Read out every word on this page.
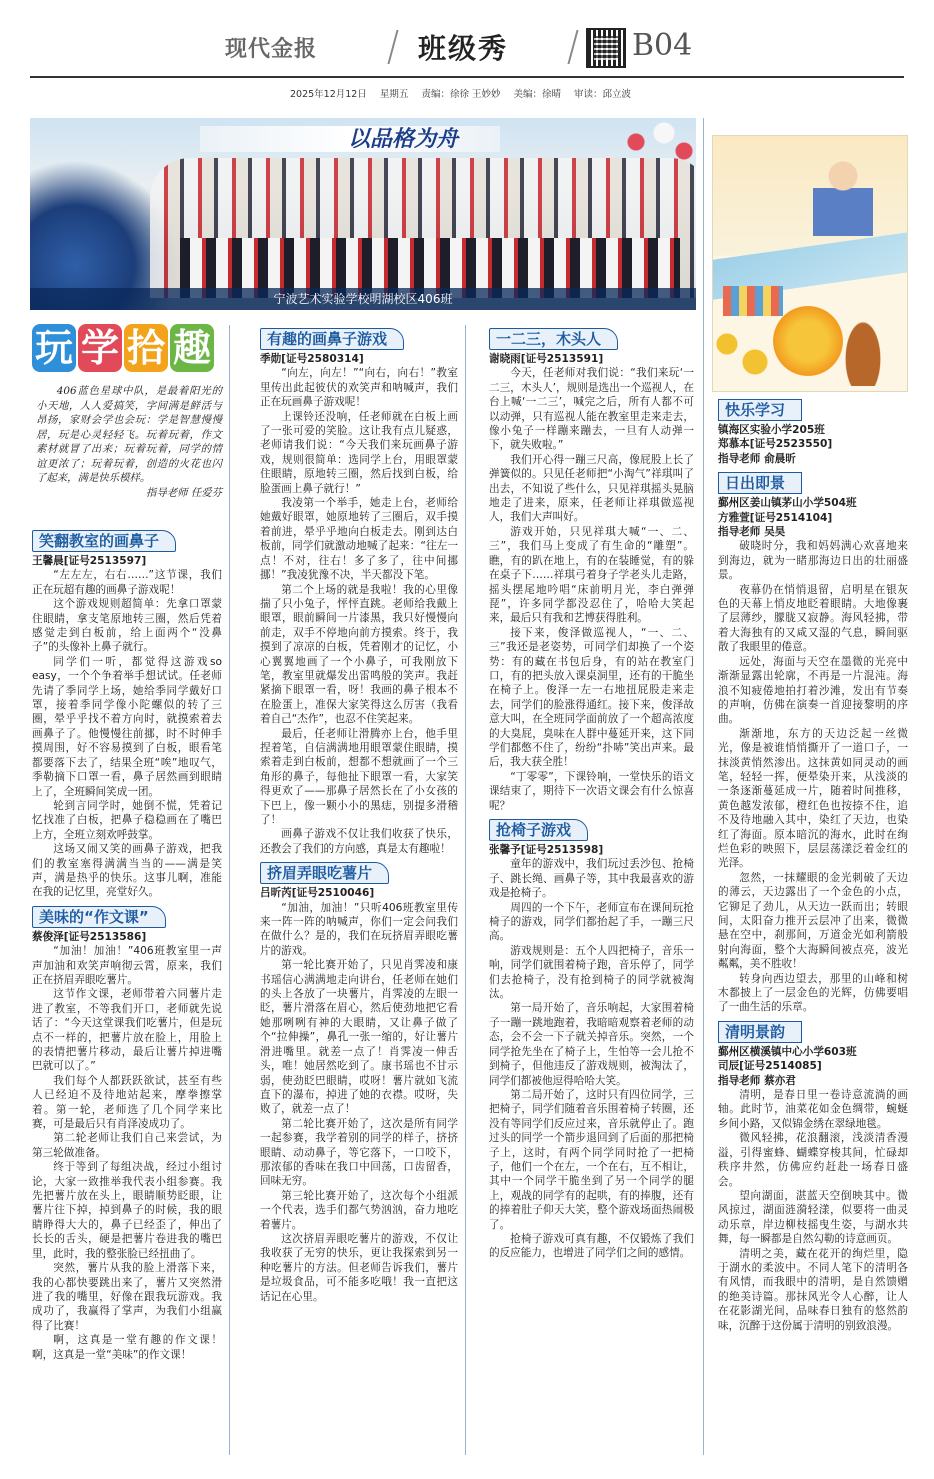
现代金报	班级秀	B04
2025年12月12日 星期五 责编：徐徐 王妙妙 美编：徐晴 审读：邱立波
以品格为舟
宁波艺术实验学校明湖校区406班
玩 学 拾 趣

406蓝色星球中队，是最着阳光的小天地，人人爱搞笑，字间满是鲜活与昂扬，家财会学也会玩：学是智慧慢慢居，玩是心灵轻轻飞。玩着玩着，作文素材就冒了出来；玩着玩着，同学的情谊更浓了；玩着玩着，创造的火花也闪了起来，满是快乐模样。

指导老师 任爱芬
笑翻教室的画鼻子
王馨晨[证号2513597]

“左左左，右右……”这节课，我们正在玩超有趣的画鼻子游戏呢！

这个游戏规则超简单：先拿口罩蒙住眼睛，拿支笔原地转三圈，然后凭着感觉走到白板前，给上面两个“没鼻子”的头像补上鼻子就行。

同学们一听，都觉得这游戏so easy，一个个争着举手想试试。任老师先请了季同学上场，她给季同学戴好口罩，接着季同学像小陀螺似的转了三圈，晕乎乎找不着方向时，就摸索着去画鼻子了。他慢慢往前挪，时不时伸手摸周围，好不容易摸到了白板，眼看笔都要落下去了，结果全班“唉”地叹气，季勒摘下口罩一看，鼻子居然画到眼睛上了，全班瞬间笑成一团。

轮到言同学时，她倒不慌，凭着记忆找准了白板，把鼻子稳稳画在了嘴巴上方，全班立刻欢呼鼓掌。

这场又闹又笑的画鼻子游戏，把我们的教室塞得满满当当的——满是笑声，满是热乎的快乐。这事儿啊，准能在我的记忆里，亮堂好久。

美味的“作文课”
蔡俊泽[证号2513586]

“加油！加油！”406班教室里一声声加油和欢笑声响彻云霄，原来，我们正在挤眉弄眼吃薯片。

这节作文课，老师带着六同薯片走进了教室，不等我们开口，老师就先说话了：“今天这堂课我们吃薯片，但是玩点不一样的，把薯片放在脸上，用脸上的表情把薯片移动，最后让薯片掉进嘴巴就可以了。”

我们每个人都跃跃欲试，甚至有些人已经迫不及待地站起来，摩拳擦掌着。第一轮，老师选了几个同学来比赛，可是最后只有肖泽凌成功了。

第二轮老师让我们自己来尝试，为第三轮做准备。

终于等到了每组决战，经过小组讨论，大家一致推举我代表小组参赛。我先把薯片放在头上，眼睛顺势眨眼，让薯片往下掉，掉到鼻子的时候，我的眼睛睁得大大的，鼻子已经歪了，伸出了长长的舌头，硬是把薯片卷进我的嘴巴里，此时，我的整张脸已经扭曲了。

突然，薯片从我的脸上滑落下来，我的心都快要跳出来了，薯片又突然滑进了我的嘴里，好像在跟我玩游戏。我成功了，我赢得了掌声，为我们小组赢得了比赛！

啊，这真是一堂有趣的作文课！啊，这真是一堂“美味”的作文课！

有趣的画鼻子游戏
季勋[证号2580314]

“向左，向左！”“向右，向右！”教室里传出此起彼伏的欢笑声和呐喊声，我们正在玩画鼻子游戏呢！

上课铃还没响，任老师就在白板上画了一张可爱的笑脸。这让我有点儿疑惑，老师请我们说：“今天我们来玩画鼻子游戏，规则很简单：选同学上台，用眼罩蒙住眼睛，原地转三圈，然后找到白板，给脸蛋画上鼻子就行！”

我凌第一个举手，她走上台，老师给她戴好眼罩，她原地转了三圈后，双手摸着前进，晕乎乎地向白板走去。刚到达白板前，同学们就激动地喊了起来：“往左一点！不对，往右！多了多了，往中间挪挪！”我凌犹豫不决，半天都没下笔。

第二个上场的就是我啦！我的心里像揣了只小兔子，怦怦直跳。老师给我戴上眼罩，眼前瞬间一片漆黑，我只好慢慢向前走，双手不停地向前方摸索。终于，我摸到了凉凉的白板，凭着刚才的记忆，小心翼翼地画了一个小鼻子，可我刚放下笔，教室里就爆发出雷鸣般的笑声。我赶紧摘下眼罩一看，呀！我画的鼻子根本不在脸蛋上，准保大家笑得这么厉害（我看着自己“杰作”，也忍不住笑起来。

最后，任老师让滑腾亦上台，他手里捏着笔，自信满满地用眼罩蒙住眼睛，摸索着走到白板前，想都不想就画了一个三角形的鼻子，每他扯下眼罩一看，大家笑得更欢了——那鼻子居然长在了小女孩的下巴上，像一颗小小的黑痣，别提多滑稽了！

画鼻子游戏不仅让我们收获了快乐，还教会了我们的方向感，真是太有趣啦！

挤眉弄眼吃薯片
吕昕芮[证号2510046]

“加油，加油！”只听406班教室里传来一阵一阵的呐喊声，你们一定会问我们在做什么？是的，我们在玩挤眉弄眼吃薯片的游戏。

第一轮比赛开始了，只见肖霁凌和康书瑶信心满满地走向讲台，任老师在她们的头上各放了一块薯片，肖霁凌的左眼一眨，薯片滑落在眉心，然后使劲地把它看她那咧咧有神的大眼睛，又让鼻子做了个“拉伸操”，鼻孔一张一缩的，好让薯片滑进嘴里。就差一点了！肖霁凌一伸舌头，唯！她居然吃到了。康书瑶也不甘示弱，使劲眨巴眼睛，哎呀！薯片就如飞流直下的瀑布，掉进了她的衣襟。哎呀，失败了，就差一点了！

第二轮比赛开始了，这次是所有同学一起参赛，我学着别的同学的样子，挤挤眼睛、动动鼻子，等它落下，一口咬下，那浓郁的香味在我口中回荡，口齿留香，回味无穷。

第三轮比赛开始了，这次每个小组派一个代表，选手们都气势汹汹，奋力地吃着薯片。

这次挤眉弄眼吃薯片的游戏，不仅让我收获了无穷的快乐，更让我探索到另一种吃薯片的方法。但老师告诉我们，薯片是垃圾食品，可不能多吃哦！我一直把这话记在心里。

一二三，木头人
谢晓雨[证号2513591]

今天，任老师对我们说：“我们来玩‘一二三，木头人’，规则是选出一个巡视人，在台上喊‘一二三’，喊完之后，所有人都不可以动弹，只有巡视人能在教室里走来走去，像小兔子一样蹦来蹦去，一旦有人动弹一下，就失败啦。”

我们开心得一蹦三尺高，像屁股上长了弹簧似的。只见任老师把“小淘气”祥琪叫了出去，不知说了些什么，只见祥琪摇头晃脑地走了进来，原来，任老师让祥琪做巡视人，我们大声叫好。

游戏开始，只见祥琪大喊“一、二、三”，我们马上变成了有生命的“雕塑”。瞧，有的趴在地上，有的在装睡觉，有的躲在桌子下……祥琪弓着身子学老头儿走路，摇头摆尾地吟唱“床前明月光，李白弹弹琵”，许多同学都没忍住了，哈哈大笑起来，最后只有我和艺博获得胜利。

接下来，俊泽做巡视人，“一、二、三”我还是老姿势，可同学们却换了一个姿势：有的藏在书包后身，有的站在教室门口，有的把头放入课桌洞里，还有的干脆坐在椅子上。俊泽一左一右地扭屁股走来走去，同学们的脸涨得通红。接下来，俊泽故意大叫，在全班同学面前放了一个超高浓度的大臭屁，臭味在人群中蔓延开来，这下同学们都憋不住了，纷纷“扑哧”笑出声来。最后，我大获全胜！

“丁零零”，下课铃响，一堂快乐的语文课结束了，期待下一次语文课会有什么惊喜呢？

抢椅子游戏
张馨予[证号2513598]

童年的游戏中，我们玩过丢沙包、抢椅子、跳长绳、画鼻子等，其中我最喜欢的游戏是抢椅子。

周四的一个下午，老师宣布在课间玩抢椅子的游戏，同学们都抬起了手，一蹦三尺高。

游戏规则是：五个人四把椅子，音乐一响，同学们就围着椅子跑，音乐停了，同学们去抢椅子，没有抢到椅子的同学就被淘汰。

第一局开始了，音乐响起，大家围着椅子一蹦一跳地跑着，我暗暗观察着老师的动态，会不会一下子就关掉音乐。突然，一个同学抢先坐在了椅子上，生怕等一会儿抢不到椅子，但他违反了游戏规则，被淘汰了，同学们都被他逗得哈哈大笑。

第二局开始了，这时只有四位同学，三把椅子，同学们随着音乐围着椅子转圈，还没有等同学们反应过来，音乐就停止了。跑过头的同学一个箭步退回到了后面的那把椅子上，这时，有两个同学同时抢了一把椅子，他们一个在左，一个在右，互不相让，其中一个同学干脆坐到了另一个同学的腿上，观战的同学有的起哄，有的捧腹，还有的捧着肚子仰天大笑，整个游戏场面热闹极了。

抢椅子游戏可真有趣，不仅锻炼了我们的反应能力，也增进了同学们之间的感情。

快乐学习
镇海区实验小学205班
郑慕本[证号2523550]
指导老师 俞晨昕
日出即景
鄞州区姜山镇茅山小学504班
方雅萱[证号2514104]
指导老师 吴昊

破晓时分，我和妈妈满心欢喜地来到海边，就为一睹那海边日出的壮丽盛景。

夜幕仍在悄悄退留，启明星在银灰色的天幕上悄皮地眨着眼睛。大地像裹了层薄纱，朦胧又寂静。海风轻拂，带着大海独有的又咸又湿的气息，瞬间驱散了我眼里的倦意。

远处，海面与天空在墨微的光亮中渐渐显露出轮廓，不再是一片混沌。海浪不知疲倦地拍打着沙滩，发出有节奏的声响，仿佛在演奏一首迎接黎明的序曲。

渐渐地，东方的天边泛起一丝微光，像是被谁悄悄撕开了一道口子，一抹淡黄悄然渗出。这抹黄如同灵动的画笔，轻轻一挥，便晕染开来，从浅淡的一条逐渐蔓延成一片，随着时间推移，黄色越发浓郁，橙红色也按捺不住，追不及待地融入其中，染红了天边，也染红了海面。原本暗沉的海水，此时在绚烂色彩的映照下，层层荡漾泛着金红的光泽。

忽然，一抹耀眼的金光刺破了天边的薄云，天边露出了一个金色的小点，它铆足了劲儿，从天边一跃而出；转眼间，太阳奋力推开云层冲了出来，微微悬在空中，刹那间，万道金光如利箭般射向海面，整个大海瞬间被点亮，波光粼粼，美不胜收！

转身向西边望去，那里的山峰和树木都披上了一层金色的光辉，仿佛要唱了一曲生活的乐章。

清明景韵
鄞州区横溪镇中心小学603班
司辰[证号2514085]
指导老师 蔡亦君

清明，是春日里一卷诗意流淌的画轴。此时节，油菜花如金色绸带，蜿蜒乡间小路，又似锦金绣在翠绿地毯。

微风轻拂，花浪翻滚，浅淡清香漫溢，引得蜜蜂、蝴蝶穿梭其间，忙碌却秩序井然，仿佛应约赶赴一场春日盛会。

望向湖面，湛蓝天空倒映其中。微风掠过，湖面涟漪轻漾，似要将一曲灵动乐章，岸边柳枝摇曳生姿，与湖水共舞，每一瞬都是自然勾勒的诗意画页。

清明之美，藏在花开的绚烂里，隐于湖水的柔波中。不同人笔下的清明各有风情，而我眼中的清明，是自然馈赠的绝美诗篇。那抹风光令人心醉，让人在花影湖光间，品味春日独有的悠然韵味，沉醉于这份属于清明的别致浪漫。
